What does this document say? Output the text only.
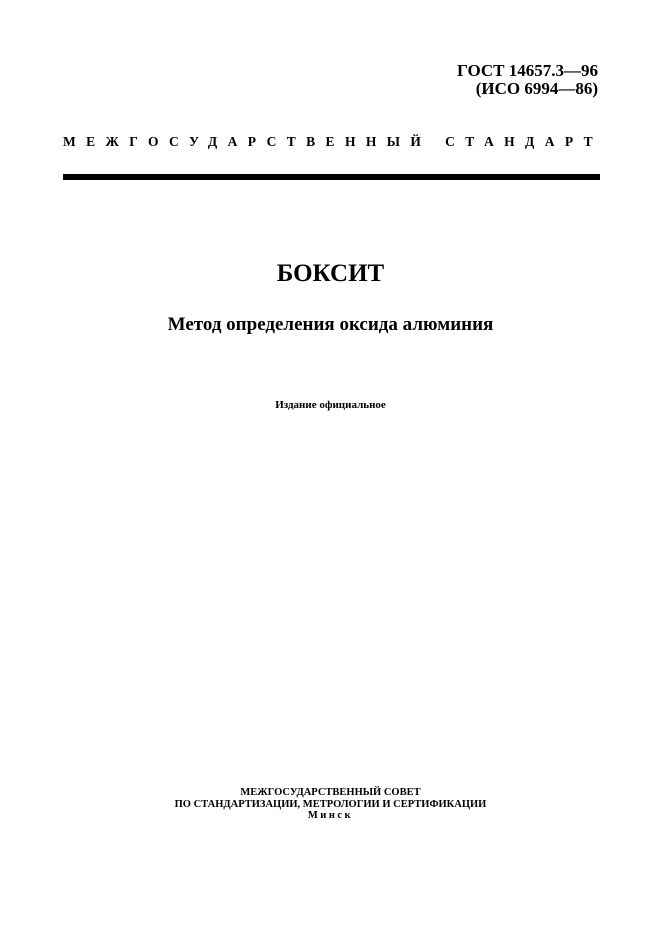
ГОСТ 14657.3—96
(ИСО 6994—86)
МЕЖГОСУДАРСТВЕННЫЙ СТАНДАРТ
БОКСИТ
Метод определения оксида алюминия
Издание официальное
МЕЖГОСУДАРСТВЕННЫЙ СОВЕТ
ПО СТАНДАРТИЗАЦИИ, МЕТРОЛОГИИ И СЕРТИФИКАЦИИ
Минск
